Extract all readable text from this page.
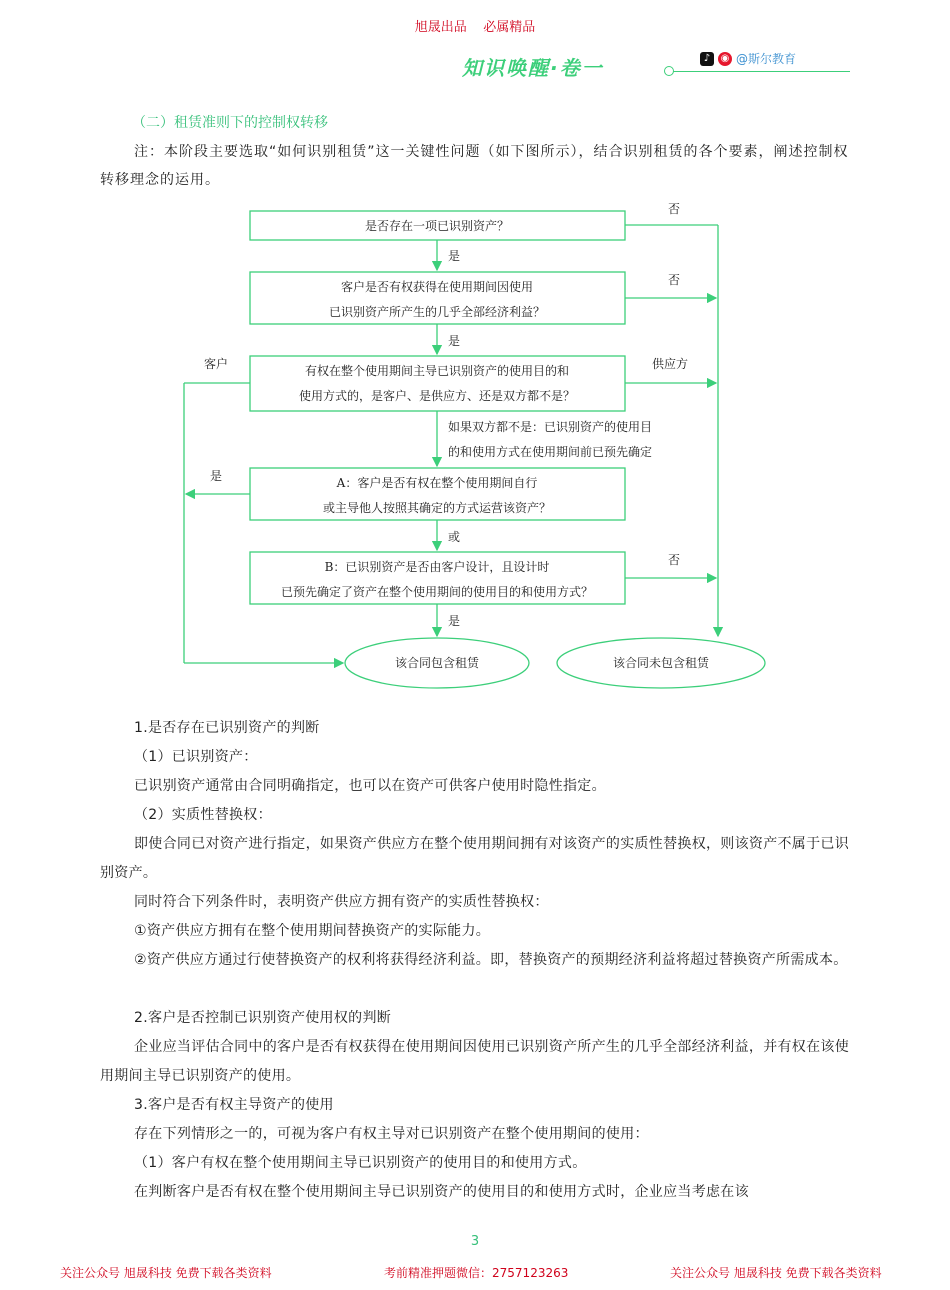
旭晟出品 必属精品
知识唤醒·卷一	♪	◉ @斯尔教育
（二）租赁准则下的控制权转移
注：本阶段主要选取“如何识别租赁”这一关键性问题（如下图所示），结合识别租赁的各个要素，阐述控制权转移理念的运用。
是否存在一项已识别资产？
客户是否有权获得在使用期间因使用
已识别资产所产生的几乎全部经济利益？
有权在整个使用期间主导已识别资产的使用目的和
使用方式的，是客户、是供应方、还是双方都不是？
A：客户是否有权在整个使用期间自行
或主导他人按照其确定的方式运营该资产？
B：已识别资产是否由客户设计，且设计时
已预先确定了资产在整个使用期间的使用目的和使用方式？
如果双方都不是：已识别资产的使用目
的和使用方式在使用期间前已预先确定
是
是
或
是
否
否
供应方
否
客户
是
该合同包含租赁	该合同未包含租赁
1.是否存在已识别资产的判断
（1）已识别资产：
已识别资产通常由合同明确指定，也可以在资产可供客户使用时隐性指定。
（2）实质性替换权：
即使合同已对资产进行指定，如果资产供应方在整个使用期间拥有对该资产的实质性替换权，则该资产不属于已识别资产。
同时符合下列条件时，表明资产供应方拥有资产的实质性替换权：
①资产供应方拥有在整个使用期间替换资产的实际能力。
②资产供应方通过行使替换资产的权利将获得经济利益。即，替换资产的预期经济利益将超过替换资产所需成本。
2.客户是否控制已识别资产使用权的判断
企业应当评估合同中的客户是否有权获得在使用期间因使用已识别资产所产生的几乎全部经济利益，并有权在该使用期间主导已识别资产的使用。
3.客户是否有权主导资产的使用
存在下列情形之一的，可视为客户有权主导对已识别资产在整个使用期间的使用：
（1）客户有权在整个使用期间主导已识别资产的使用目的和使用方式。
在判断客户是否有权在整个使用期间主导已识别资产的使用目的和使用方式时，企业应当考虑在该
3
关注公众号 旭晟科技 免费下载各类资料	考前精准押题微信：2757123263	关注公众号 旭晟科技 免费下载各类资料
